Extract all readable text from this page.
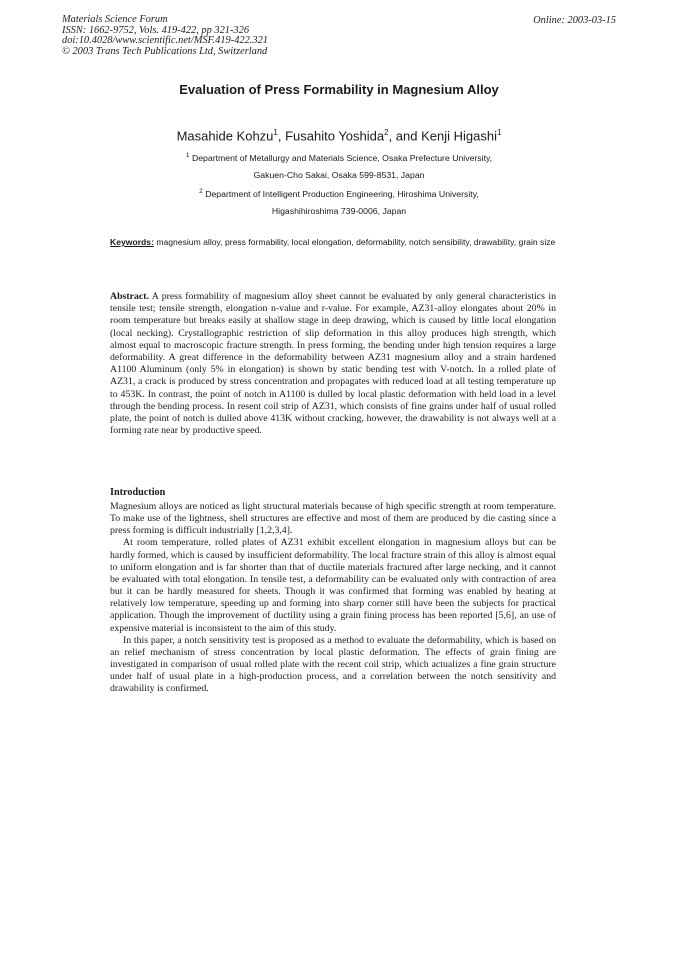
Materials Science Forum
ISSN: 1662-9752, Vols. 419-422, pp 321-326
doi:10.4028/www.scientific.net/MSF.419-422.321
© 2003 Trans Tech Publications Ltd, Switzerland
Online: 2003-03-15
Evaluation of Press Formability in Magnesium Alloy
Masahide Kohzu$^1$, Fusahito Yoshida$^2$, and Kenji Higashi$^1$
$^1$ Department of Metallurgy and Materials Science, Osaka Prefecture University,
Gakuen-Cho Sakai, Osaka 599-8531, Japan
$^2$ Department of Intelligent Production Engineering, Hiroshima University,
Higashihiroshima 739-0006, Japan
Keywords: magnesium alloy, press formability, local elongation, deformability, notch sensibility, drawability, grain size
Abstract. A press formability of magnesium alloy sheet cannot be evaluated by only general characteristics in tensile test; tensile strength, elongation n-value and r-value. For example, AZ31-alloy elongates about 20% in room temperature but breaks easily at shallow stage in deep drawing, which is caused by little local elongation (local necking). Crystallographic restriction of slip deformation in this alloy produces high strength, which almost equal to macroscopic fracture strength. In press forming, the bending under high tension requires a large deformability. A great difference in the deformability between AZ31 magnesium alloy and a strain hardened A1100 Aluminum (only 5% in elongation) is shown by static bending test with V-notch. In a rolled plate of AZ31, a crack is produced by stress concentration and propagates with reduced load at all testing temperature up to 453K. In contrast, the point of notch in A1100 is dulled by local plastic deformation with held load in a level through the bending process. In resent coil strip of AZ31, which consists of fine grains under half of usual rolled plate, the point of notch is dulled above 413K without cracking, however, the drawability is not always well at a forming rate near by productive speed.
Introduction

Magnesium alloys are noticed as light structural materials because of high specific strength at room temperature. To make use of the lightness, shell structures are effective and most of them are produced by die casting since a press forming is difficult industrially [1,2,3,4].

At room temperature, rolled plates of AZ31 exhibit excellent elongation in magnesium alloys but can be hardly formed, which is caused by insufficient deformability. The local fracture strain of this alloy is almost equal to uniform elongation and is far shorter than that of ductile materials fractured after large necking, and it cannot be evaluated with total elongation. In tensile test, a deformability can be evaluated only with contraction of area but it can be hardly measured for sheets. Though it was confirmed that forming was enabled by heating at relatively low temperature, speeding up and forming into sharp corner still have been the subjects for practical application. Though the improvement of ductility using a grain fining process has been reported [5,6], an use of expensive material is inconsistent to the aim of this study.

In this paper, a notch sensitivity test is proposed as a method to evaluate the deformability, which is based on an relief mechanism of stress concentration by local plastic deformation. The effects of grain fining are investigated in comparison of usual rolled plate with the recent coil strip, which actualizes a fine grain structure under half of usual plate in a high-production process, and a correlation between the notch sensitivity and drawability is confirmed.
